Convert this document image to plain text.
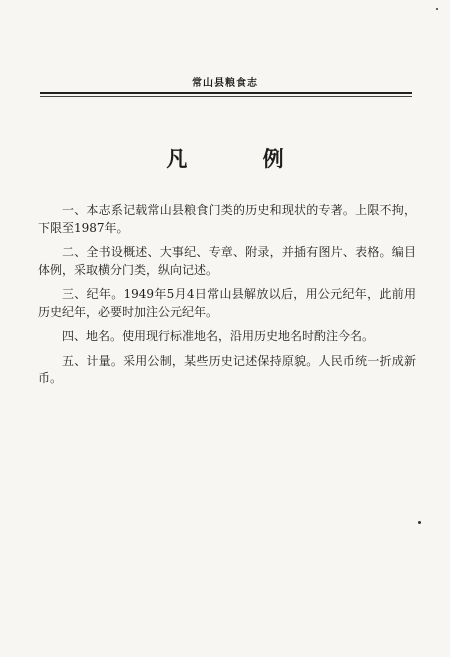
常山县粮食志
凡 例

一、本志系记载常山县粮食门类的历史和现状的专著。上限不拘，下限至1987年。

二、全书设概述、大事纪、专章、附录，并插有图片、表格。编目体例，采取横分门类，纵向记述。

三、纪年。1949年5月4日常山县解放以后，用公元纪年，此前用历史纪年，必要时加注公元纪年。

四、地名。使用现行标准地名，沿用历史地名时酌注今名。

五、计量。采用公制，某些历史记述保持原貌。人民币统一折成新币。
